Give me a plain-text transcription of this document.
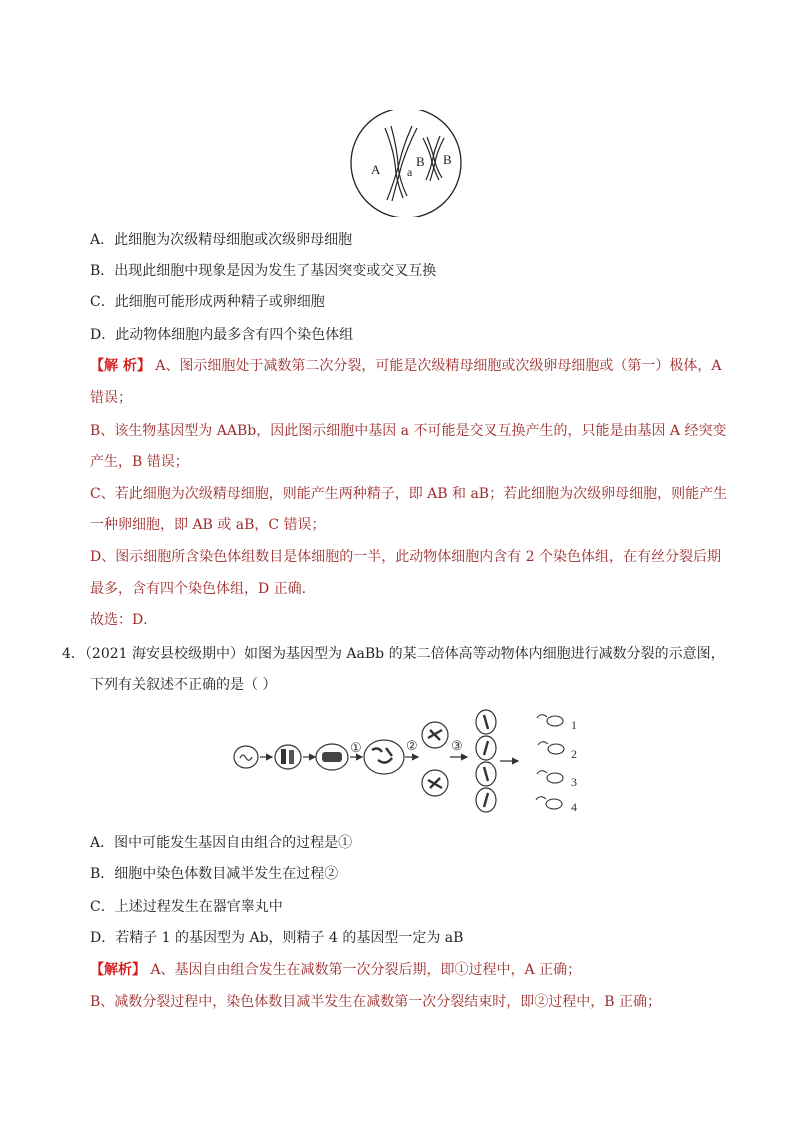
A a
B B
A．此细胞为次级精母细胞或次级卵母细胞
B．出现此细胞中现象是因为发生了基因突变或交叉互换
C．此细胞可能形成两种精子或卵细胞
D．此动物体细胞内最多含有四个染色体组
【解 析】 A、图示细胞处于减数第二次分裂，可能是次级精母细胞或次级卵母细胞或（第一）极体，A
错误；
B、该生物基因型为 AABb，因此图示细胞中基因 a 不可能是交叉互换产生的，只能是由基因 A 经突变
产生，B 错误；
C、若此细胞为次级精母细胞，则能产生两种精子，即 AB 和 aB；若此细胞为次级卵母细胞，则能产生
一种卵细胞，即 AB 或 aB，C 错误；
D、图示细胞所含染色体组数目是体细胞的一半，此动物体细胞内含有 2 个染色体组，在有丝分裂后期
最多，含有四个染色体组，D 正确.
故选：D．
4．（2021 海安县校级期中）如图为基因型为 AaBb 的某二倍体高等动物体内细胞进行减数分裂的示意图，
下列有关叙述不正确的是（ ）
①	②	③
1
2
3
4
A．图中可能发生基因自由组合的过程是①
B．细胞中染色体数目减半发生在过程②
C．上述过程发生在器官睾丸中
D．若精子 1 的基因型为 Ab，则精子 4 的基因型一定为 aB
【解析】 A、基因自由组合发生在减数第一次分裂后期，即①过程中，A 正确；
B、减数分裂过程中，染色体数目减半发生在减数第一次分裂结束时，即②过程中，B 正确；
